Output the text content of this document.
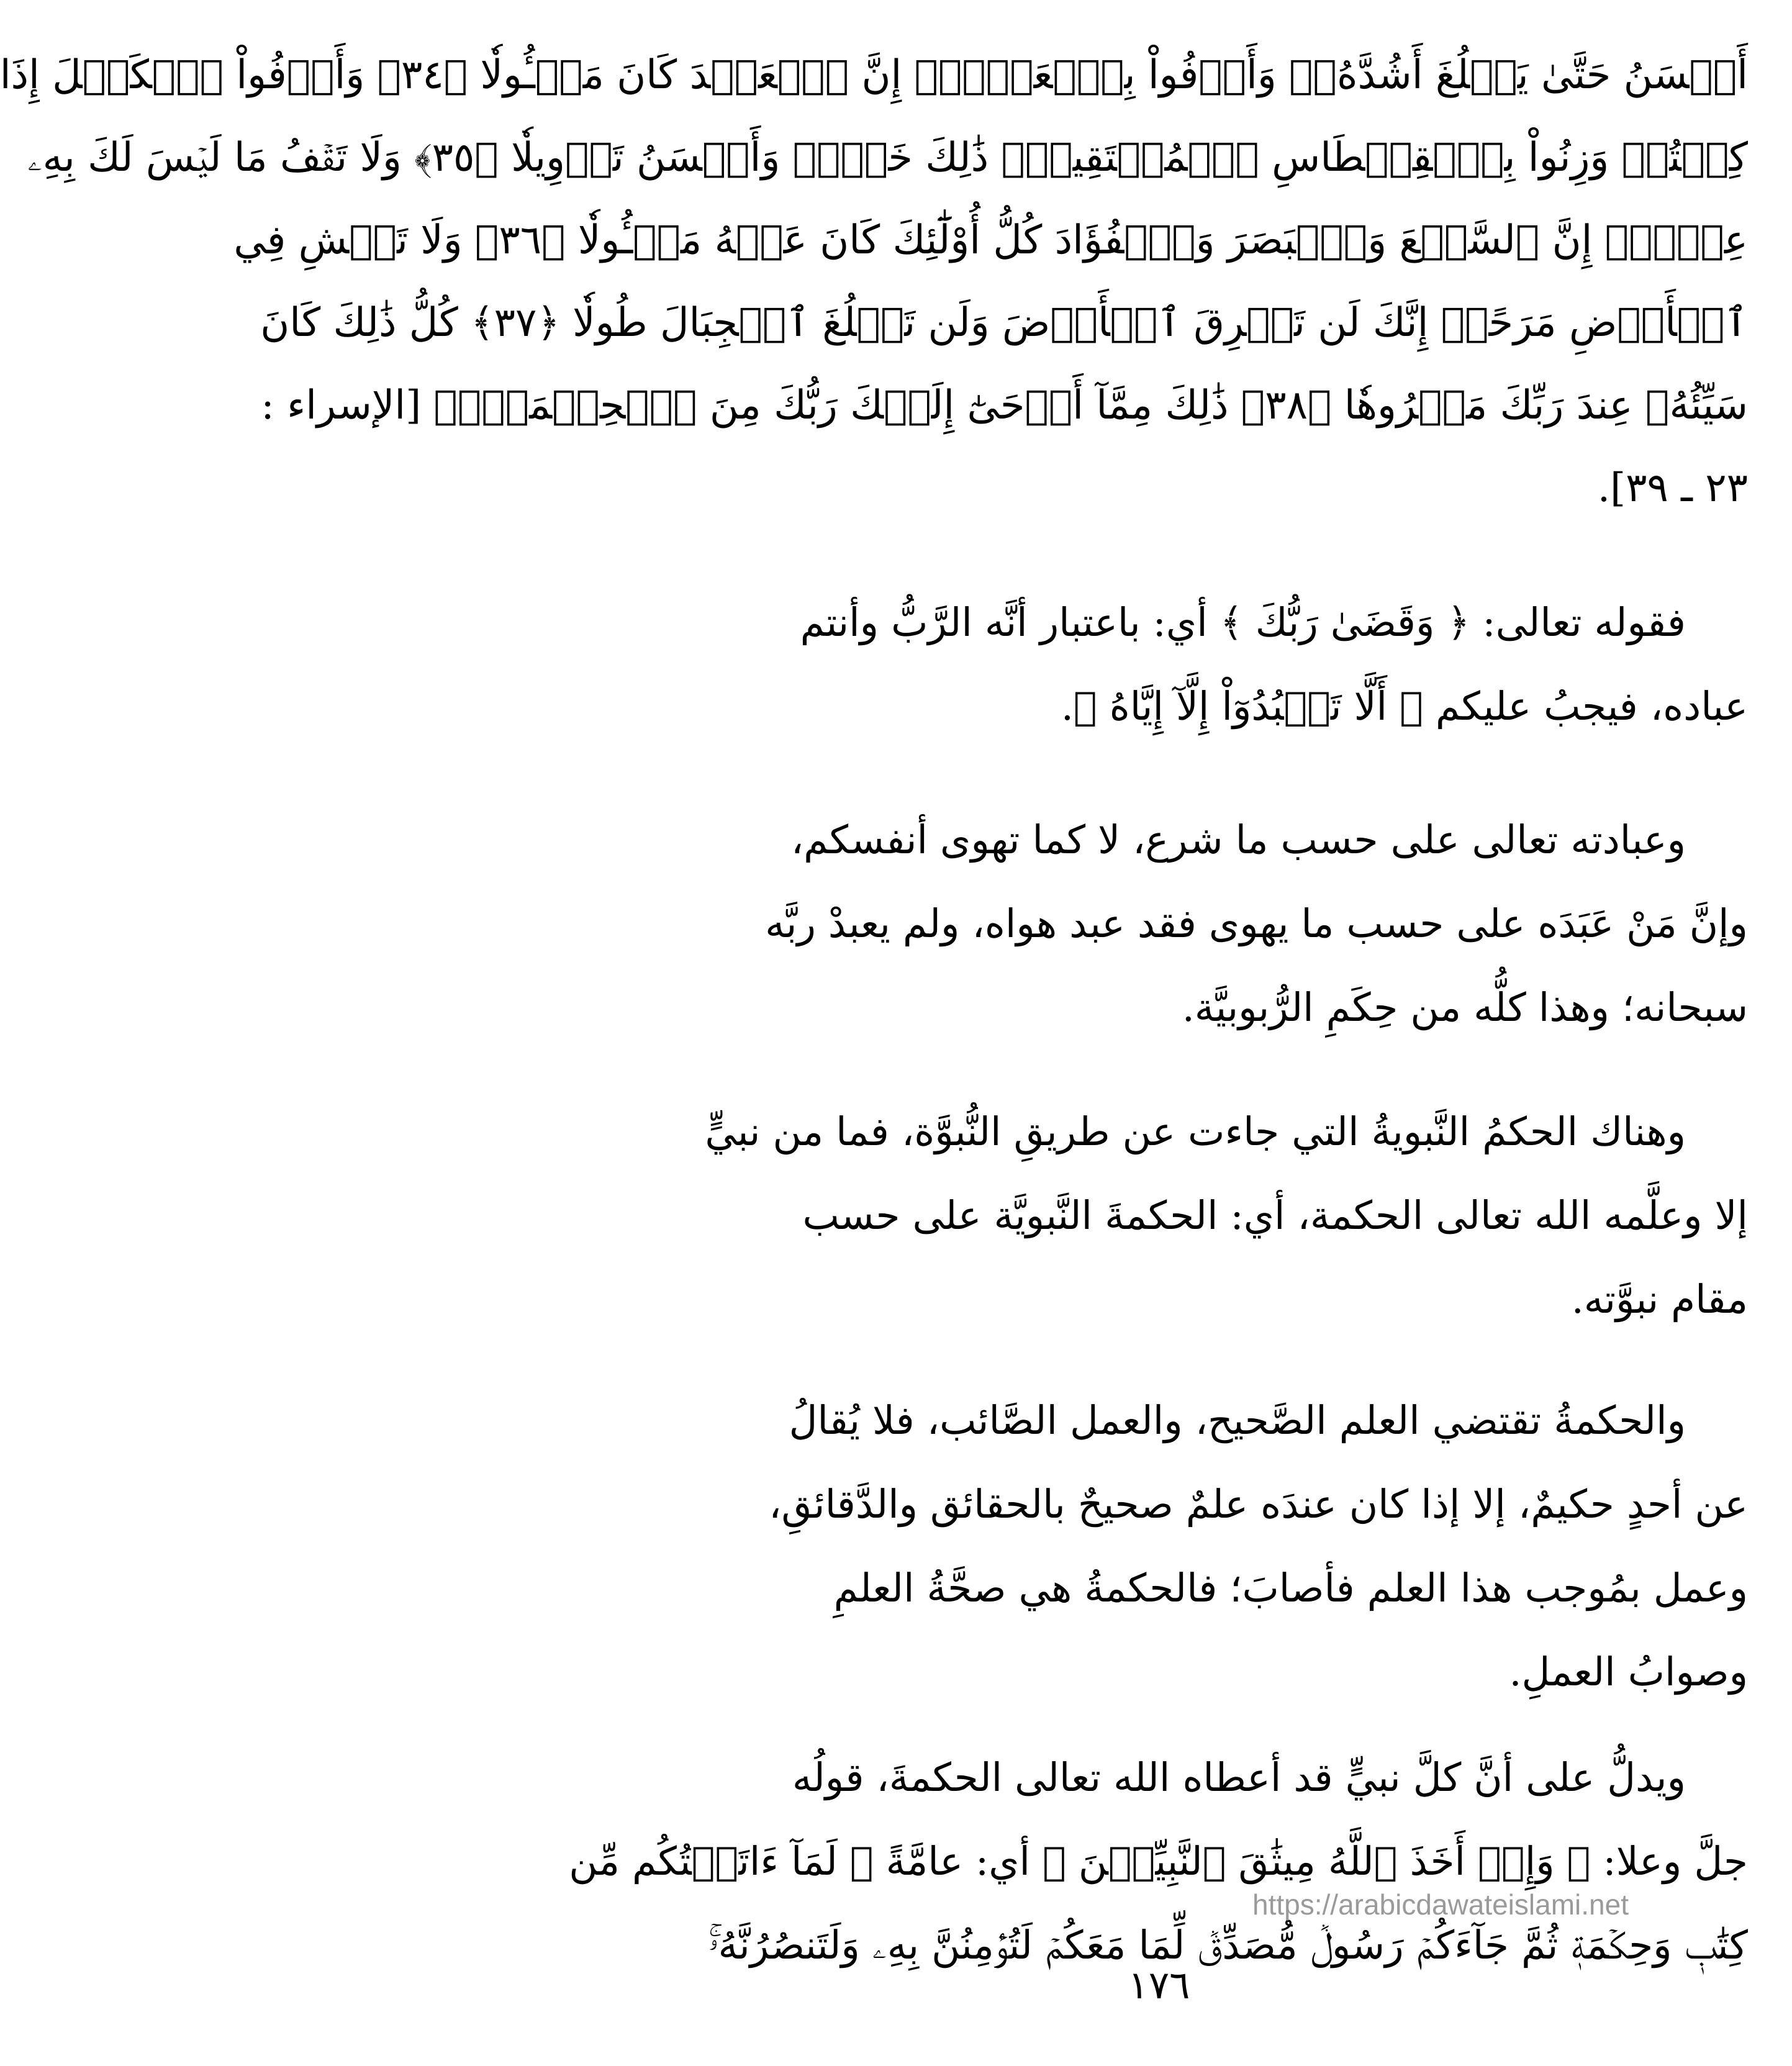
أَحۡسَنُ حَتَّىٰ يَبۡلُغَ أَشُدَّهُۥۚ وَأَوۡفُواْ بِٱلۡعَهۡدِۖ إِنَّ ٱلۡعَهۡدَ كَانَ مَسۡـُٔولٗا ﴿٣٤﴾ وَأَوۡفُواْ ٱلۡكَيۡلَ إِذَا
كِلۡتُمۡ وَزِنُواْ بِٱلۡقِسۡطَاسِ ٱلۡمُسۡتَقِيمِۚ ذَٰلِكَ خَيۡرٞ وَأَحۡسَنُ تَأۡوِيلٗا ﴿٣٥﴾ وَلَا تَقۡفُ مَا لَيۡسَ لَكَ بِهِۦ
عِلۡمٌۚ إِنَّ ٱلسَّمۡعَ وَٱلۡبَصَرَ وَٱلۡفُؤَادَ كُلُّ أُوْلَٰٓئِكَ كَانَ عَنۡهُ مَسۡـُٔولٗا ﴿٣٦﴾ وَلَا تَمۡشِ فِي
ٱلۡأَرۡضِ مَرَحًاۖ إِنَّكَ لَن تَخۡرِقَ ٱلۡأَرۡضَ وَلَن تَبۡلُغَ ٱلۡجِبَالَ طُولٗا ﴿٣٧﴾ كُلُّ ذَٰلِكَ كَانَ
سَيِّئُهُۥ عِندَ رَبِّكَ مَكۡرُوهٗا ﴿٣٨﴾ ذَٰلِكَ مِمَّآ أَوۡحَىٰٓ إِلَيۡكَ رَبُّكَ مِنَ ٱلۡحِكۡمَةِۗ﴾ [الإسراء :
٢٣ ـ ٣٩].
فقوله تعالى: ﴿ وَقَضَىٰ رَبُّكَ ﴾ أي: باعتبار أنَّه الرَّبُّ وأنتم
عباده، فيجبُ عليكم ﴿ أَلَّا تَعۡبُدُوٓاْ إِلَّآ إِيَّاهُ ﴾.
وعبادته تعالى على حسب ما شرع، لا كما تهوى أنفسكم،
وإنَّ مَنْ عَبَدَه على حسب ما يهوى فقد عبد هواه، ولم يعبدْ ربَّه
سبحانه؛ وهذا كلُّه من حِكَمِ الرُّبوبيَّة.
وهناك الحكمُ النَّبويةُ التي جاءت عن طريقِ النُّبوَّة، فما من نبيٍّ
إلا وعلَّمه الله تعالى الحكمة، أي: الحكمةَ النَّبويَّة على حسب
مقام نبوَّته.
والحكمةُ تقتضي العلم الصَّحيح، والعمل الصَّائب، فلا يُقالُ
عن أحدٍ حكيمٌ، إلا إذا كان عندَه علمٌ صحيحٌ بالحقائق والدَّقائقِ،
وعمل بمُوجب هذا العلم فأصابَ؛ فالحكمةُ هي صحَّةُ العلمِ
وصوابُ العملِ.
ويدلُّ على أنَّ كلَّ نبيٍّ قد أعطاه الله تعالى الحكمةَ، قولُه
جلَّ وعلا: ﴿ وَإِذۡ أَخَذَ ٱللَّهُ مِيثَٰقَ ٱلنَّبِيِّـۧنَ ﴾ أي: عامَّةً ﴿ لَمَآ ءَاتَيۡتُكُم مِّن
كِتَٰبٖ وَحِكۡمَةٖ ثُمَّ جَآءَكُمۡ رَسُولٞ مُّصَدِّقٞ لِّمَا مَعَكُمۡ لَتُؤۡمِنُنَّ بِهِۦ وَلَتَنصُرُنَّهُۥۚ
https://arabicdawateislami.net
١٧٦
